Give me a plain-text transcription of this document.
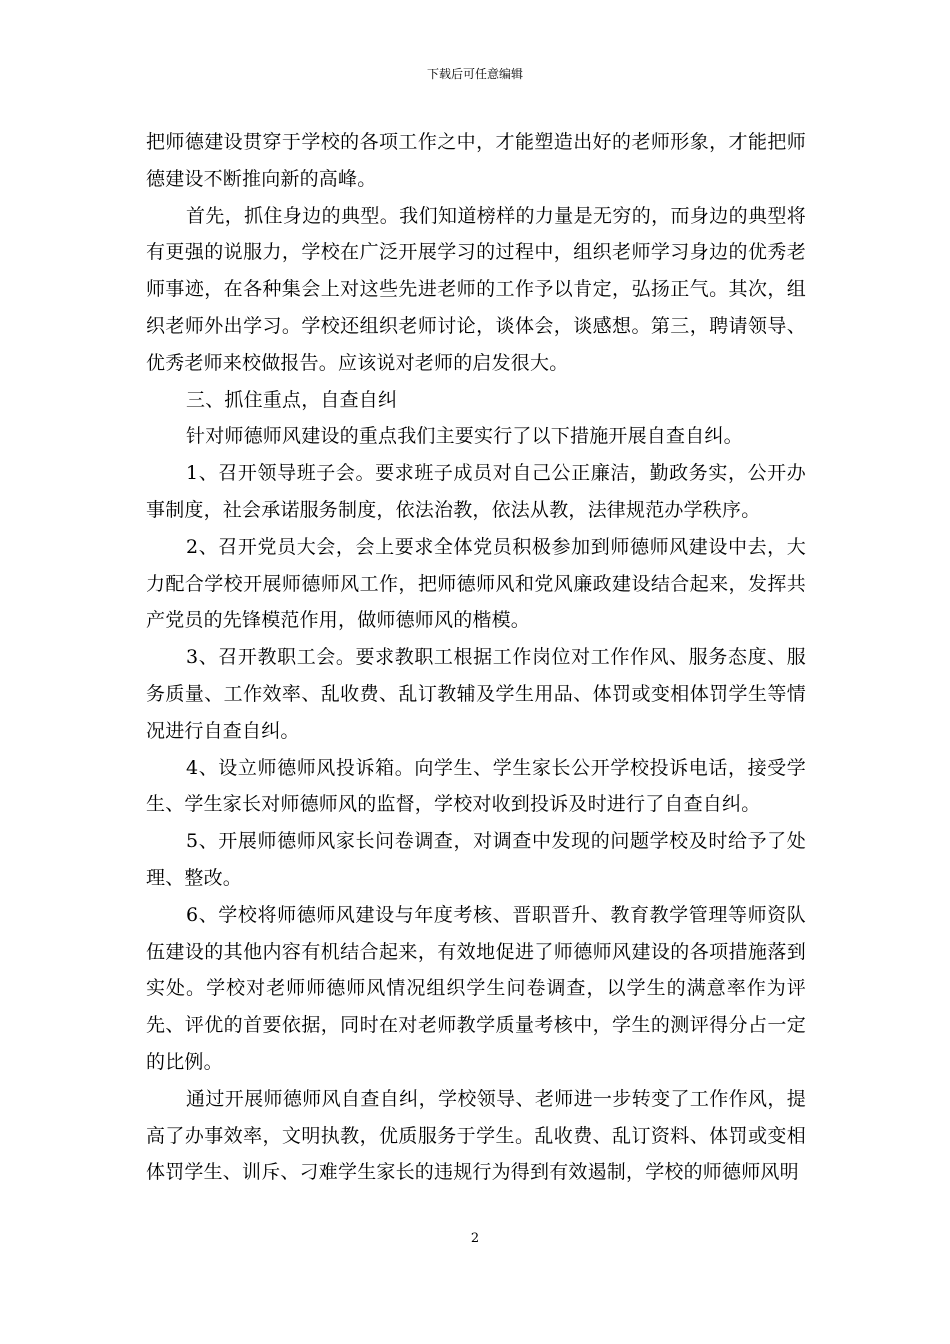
下载后可任意编辑

把师德建设贯穿于学校的各项工作之中，才能塑造出好的老师形象，才能把师德建设不断推向新的高峰。

首先，抓住身边的典型。我们知道榜样的力量是无穷的，而身边的典型将有更强的说服力，学校在广泛开展学习的过程中，组织老师学习身边的优秀老师事迹，在各种集会上对这些先进老师的工作予以肯定，弘扬正气。其次，组织老师外出学习。学校还组织老师讨论，谈体会，谈感想。第三，聘请领导、优秀老师来校做报告。应该说对老师的启发很大。

三、抓住重点，自查自纠

针对师德师风建设的重点我们主要实行了以下措施开展自查自纠。

1、召开领导班子会。要求班子成员对自己公正廉洁，勤政务实，公开办事制度，社会承诺服务制度，依法治教，依法从教，法律规范办学秩序。

2、召开党员大会，会上要求全体党员积极参加到师德师风建设中去，大力配合学校开展师德师风工作，把师德师风和党风廉政建设结合起来，发挥共产党员的先锋模范作用，做师德师风的楷模。

3、召开教职工会。要求教职工根据工作岗位对工作作风、服务态度、服务质量、工作效率、乱收费、乱订教辅及学生用品、体罚或变相体罚学生等情况进行自查自纠。

4、设立师德师风投诉箱。向学生、学生家长公开学校投诉电话，接受学生、学生家长对师德师风的监督，学校对收到投诉及时进行了自查自纠。

5、开展师德师风家长问卷调查，对调查中发现的问题学校及时给予了处理、整改。

6、学校将师德师风建设与年度考核、晋职晋升、教育教学管理等师资队伍建设的其他内容有机结合起来，有效地促进了师德师风建设的各项措施落到实处。学校对老师师德师风情况组织学生问卷调查，以学生的满意率作为评先、评优的首要依据，同时在对老师教学质量考核中，学生的测评得分占一定的比例。

通过开展师德师风自查自纠，学校领导、老师进一步转变了工作作风，提高了办事效率，文明执教，优质服务于学生。乱收费、乱订资料、体罚或变相体罚学生、训斥、刁难学生家长的违规行为得到有效遏制，学校的师德师风明

2
